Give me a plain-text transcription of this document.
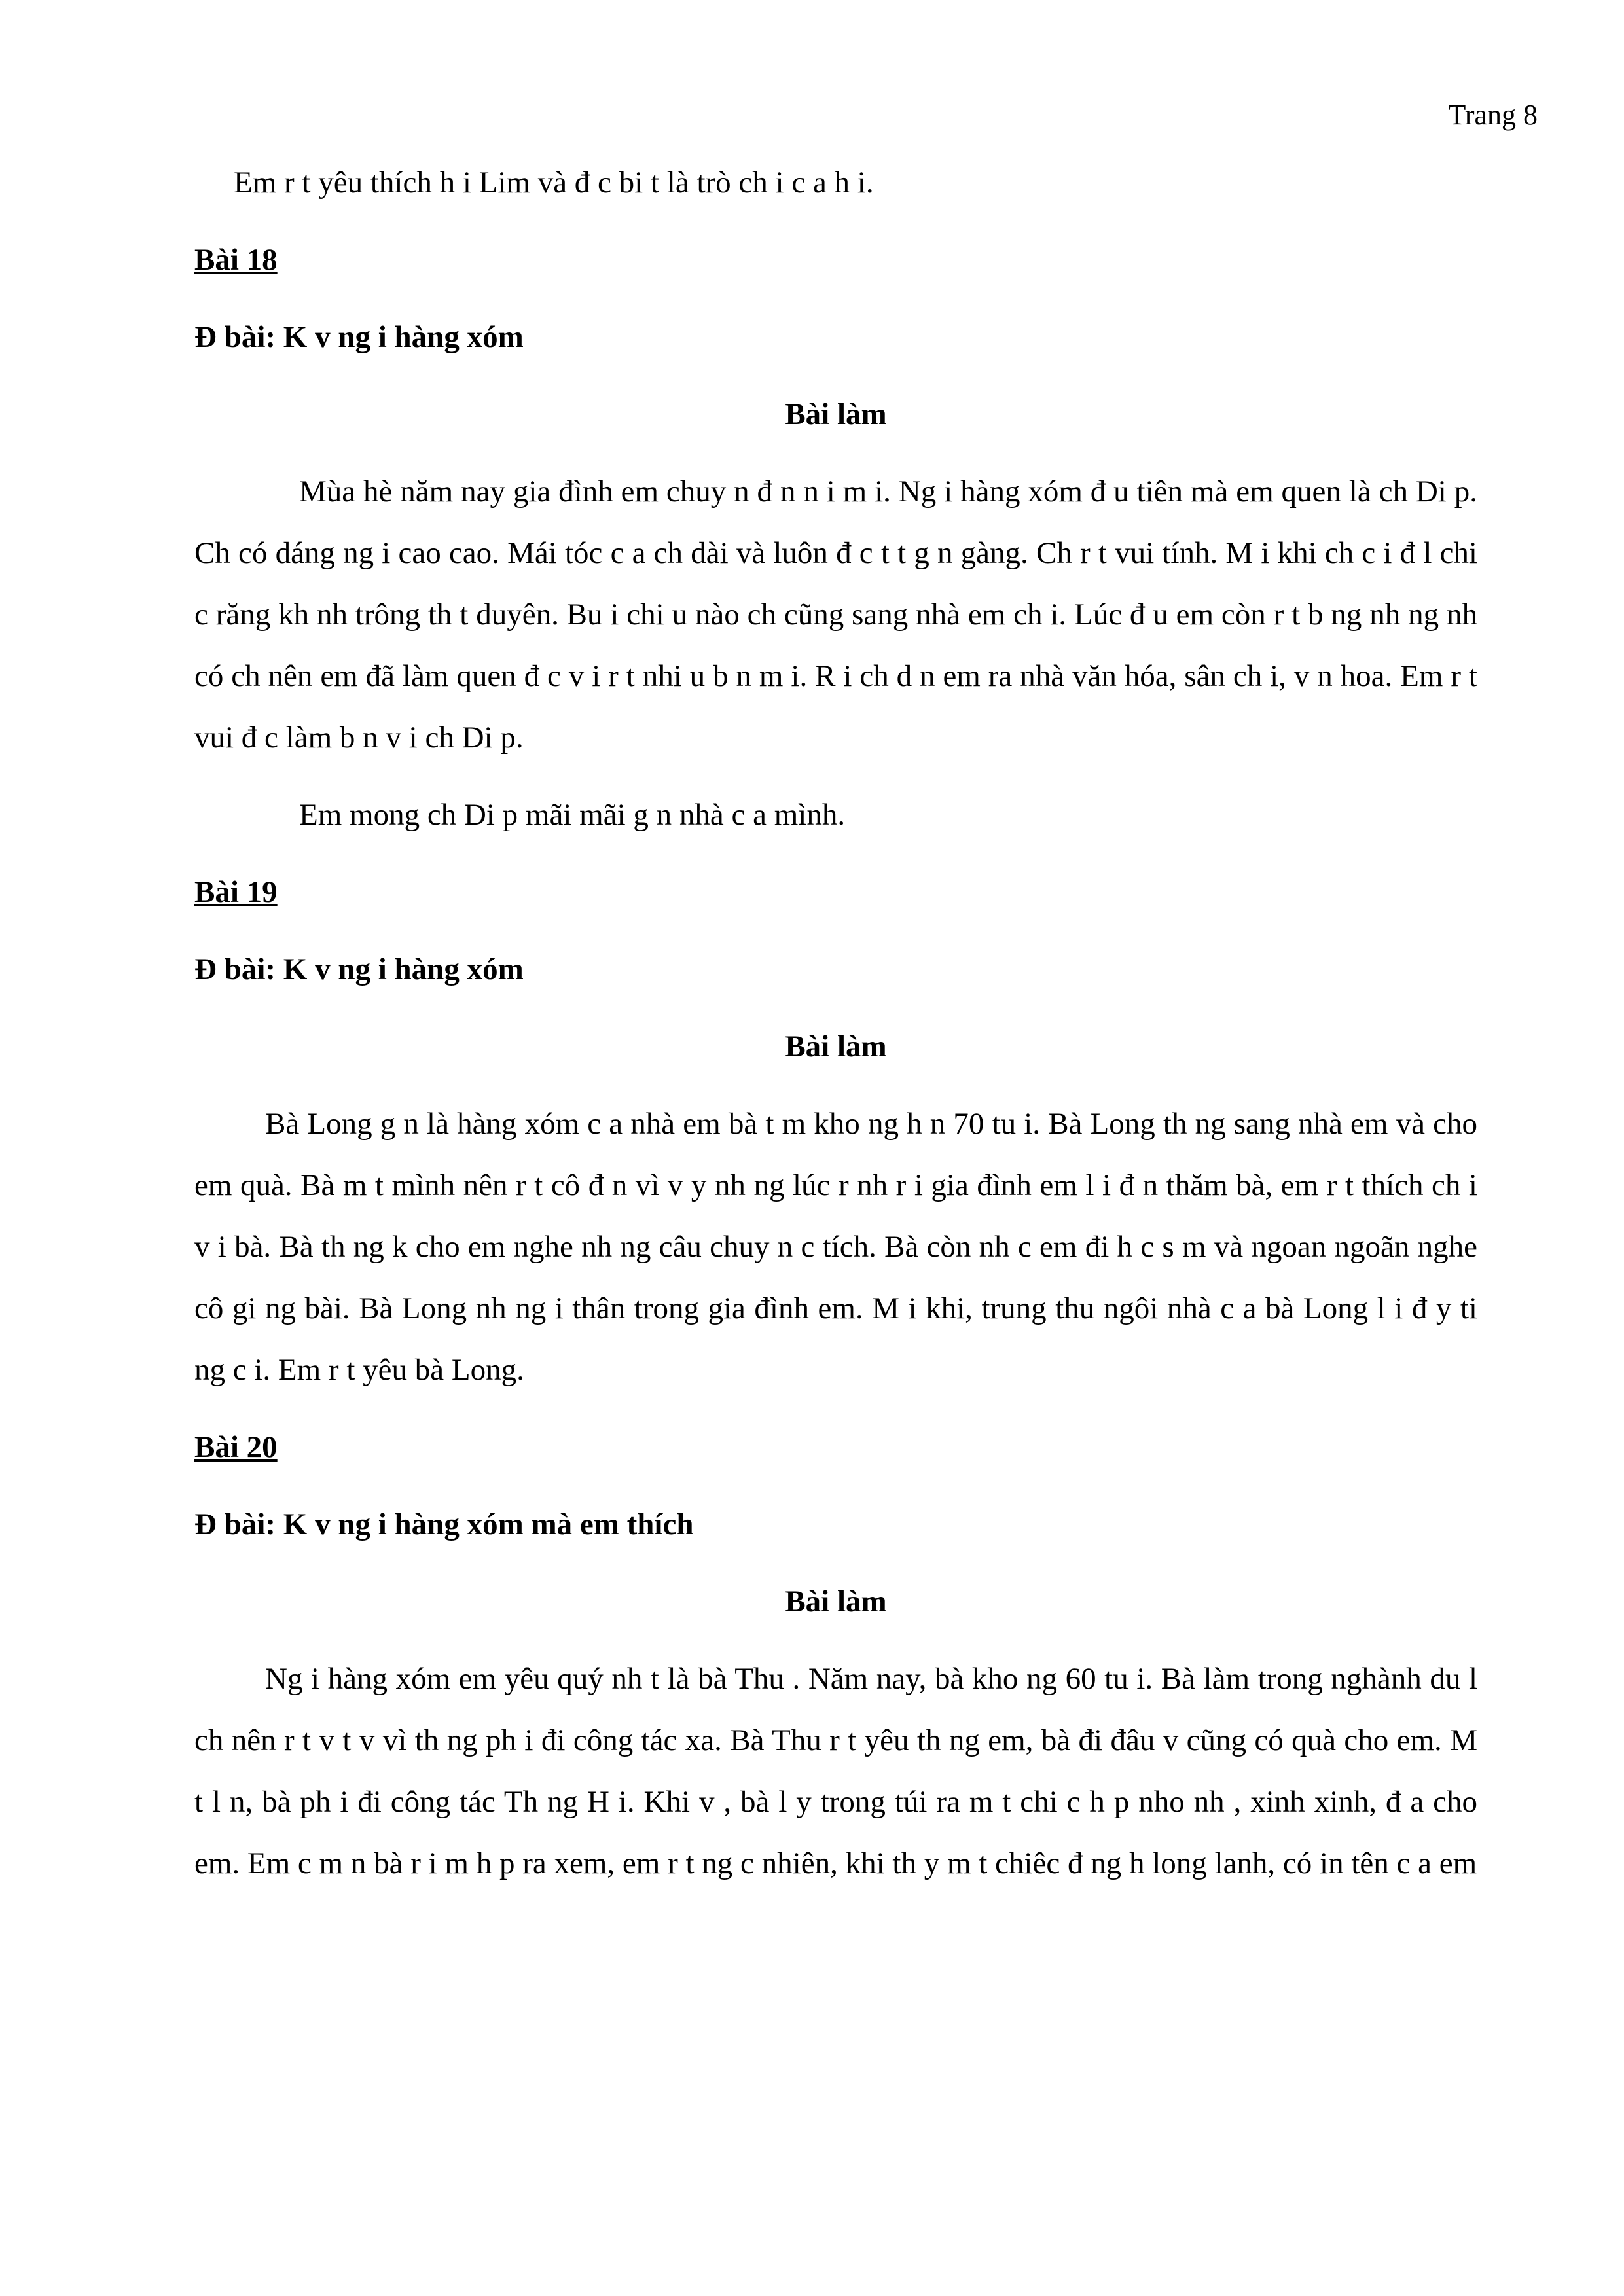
Trang 8

Em r t yêu thích h i Lim và đ c bi t là trò ch i c a h i.

Bài 18
Đ bài: K v ng i hàng xóm
Bài làm

Mùa hè năm nay gia đình em chuy n đ n n i m i. Ng i hàng xóm đ u tiên mà em quen là ch Di p. Ch có dáng ng i cao cao. Mái tóc c a ch dài và luôn đ c t t g n gàng. Ch r t vui tính. M i khi ch c i đ l chi c răng kh nh trông th t duyên. Bu i chi u nào ch cũng sang nhà em ch i. Lúc đ u em còn r t b ng nh ng nh có ch nên em đã làm quen đ c v i r t nhi u b n m i. R i ch d n em ra nhà văn hóa, sân ch i, v n hoa. Em r t vui đ c làm b n v i ch Di p.

Em mong ch Di p mãi mãi g n nhà c a mình.

Bài 19
Đ bài: K v ng i hàng xóm
Bài làm

Bà Long g n là hàng xóm c a nhà em bà t m kho ng h n 70 tu i. Bà Long th ng sang nhà em và cho em quà. Bà m t mình nên r t cô đ n vì v y nh ng lúc r nh r i gia đình em l i đ n thăm bà, em r t thích ch i v i bà. Bà th ng k cho em nghe nh ng câu chuy n c tích. Bà còn nh c em đi h c s m và ngoan ngoãn nghe cô gi ng bài. Bà Long nh ng i thân trong gia đình em. M i khi, trung thu ngôi nhà c a bà Long l i đ y ti ng c i. Em r t yêu bà Long.

Bài 20
Đ bài: K v ng i hàng xóm mà em thích
Bài làm

Ng i hàng xóm em yêu quý nh t là bà Thu . Năm nay, bà kho ng 60 tu i. Bà làm trong nghành du l ch nên r t v t v vì th ng ph i đi công tác xa. Bà Thu r t yêu th ng em, bà đi đâu v cũng có quà cho em. M t l n, bà ph i đi công tác Th ng H i. Khi v , bà l y trong túi ra m t chi c h p nho nh , xinh xinh, đ a cho em. Em c m n bà r i m h p ra xem, em r t ng c nhiên, khi th y m t chiêc đ ng h long lanh, có in tên c a em
